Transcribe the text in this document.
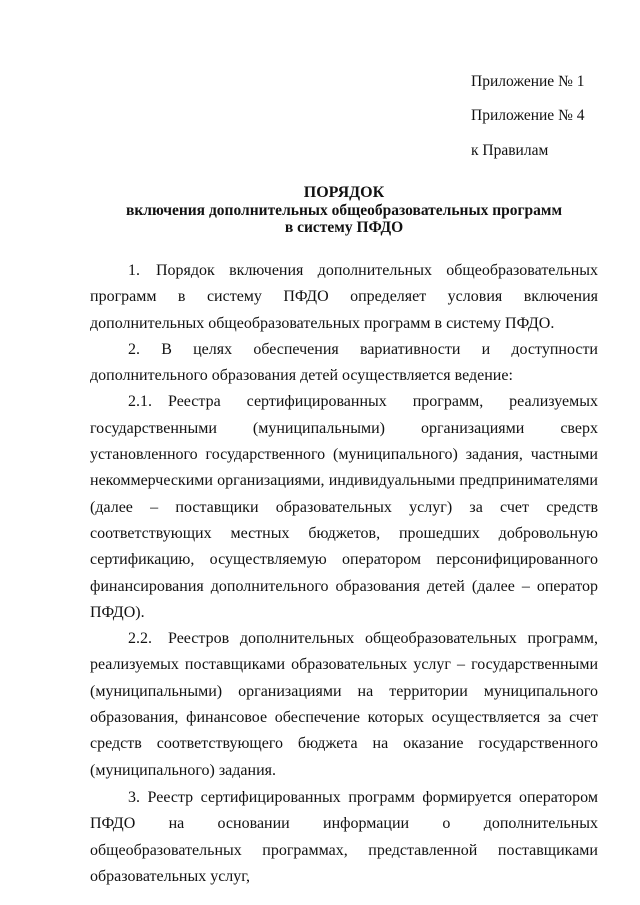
Приложение № 1
Приложение № 4
к Правилам
ПОРЯДОК
включения дополнительных общеобразовательных программ
в систему ПФДО

1. Порядок включения дополнительных общеобразовательных программ в систему ПФДО определяет условия включения дополнительных общеобразовательных программ в систему ПФДО.

2. В целях обеспечения вариативности и доступности дополнительного образования детей осуществляется ведение:

2.1. Реестра сертифицированных программ, реализуемых государственными (муниципальными) организациями сверх установленного государственного (муниципального) задания, частными некоммерческими организациями, индивидуальными предпринимателями (далее – поставщики образовательных услуг) за счет средств соответствующих местных бюджетов, прошедших добровольную сертификацию, осуществляемую оператором персонифицированного финансирования дополнительного образования детей (далее – оператор ПФДО).

2.2. Реестров дополнительных общеобразовательных программ, реализуемых поставщиками образовательных услуг – государственными (муниципальными) организациями на территории муниципального образования, финансовое обеспечение которых осуществляется за счет средств соответствующего бюджета на оказание государственного (муниципального) задания.

3. Реестр сертифицированных программ формируется оператором ПФДО на основании информации о дополнительных общеобразовательных программах, представленной поставщиками образовательных услуг,
